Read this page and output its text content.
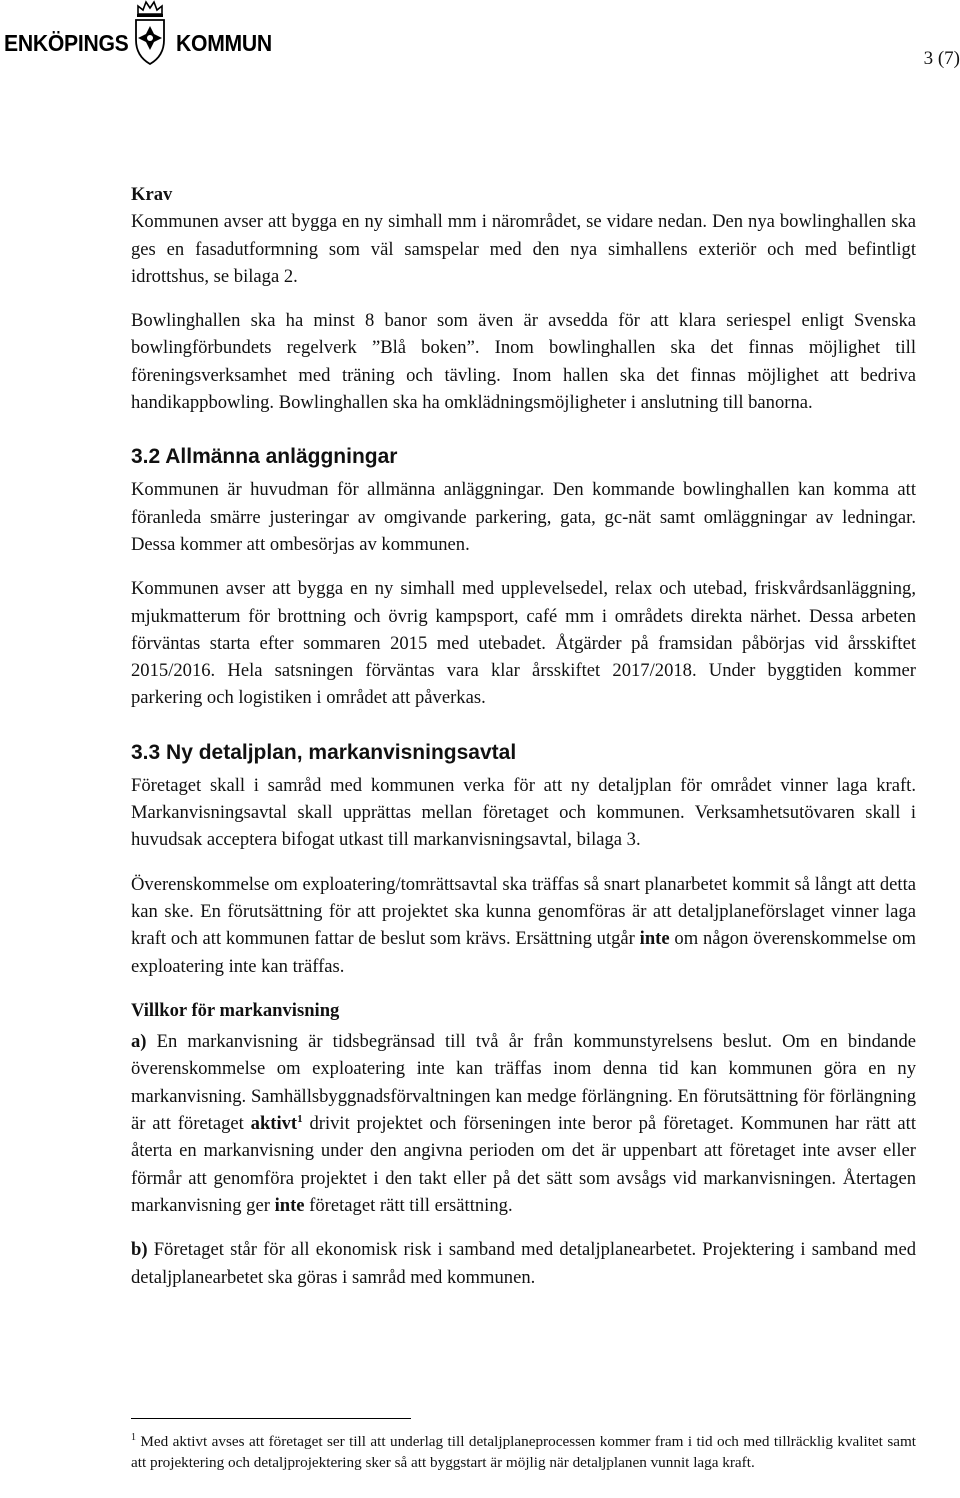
ENKÖPINGS KOMMUN
3 (7)
Krav

Kommunen avser att bygga en ny simhall mm i närområdet, se vidare nedan. Den nya bowlinghallen ska ges en fasadutformning som väl samspelar med den nya simhallens exteriör och med befintligt idrottshus, se bilaga 2.

Bowlinghallen ska ha minst 8 banor som även är avsedda för att klara seriespel enligt Svenska bowlingförbundets regelverk ”Blå boken”. Inom bowlinghallen ska det finnas möjlighet till föreningsverksamhet med träning och tävling. Inom hallen ska det finnas möjlighet att bedriva handikappbowling. Bowlinghallen ska ha omklädningsmöjligheter i anslutning till banorna.

3.2 Allmänna anläggningar

Kommunen är huvudman för allmänna anläggningar. Den kommande bowlinghallen kan komma att föranleda smärre justeringar av omgivande parkering, gata, gc-nät samt omläggningar av ledningar. Dessa kommer att ombesörjas av kommunen.

Kommunen avser att bygga en ny simhall med upplevelsedel, relax och utebad, friskvårdsanläggning, mjukmatterum för brottning och övrig kampsport, café mm i områdets direkta närhet. Dessa arbeten förväntas starta efter sommaren 2015 med utebadet. Åtgärder på framsidan påbörjas vid årsskiftet 2015/2016. Hela satsningen förväntas vara klar årsskiftet 2017/2018. Under byggtiden kommer parkering och logistiken i området att påverkas.

3.3 Ny detaljplan, markanvisningsavtal

Företaget skall i samråd med kommunen verka för att ny detaljplan för området vinner laga kraft. Markanvisningsavtal skall upprättas mellan företaget och kommunen. Verksamhetsutövaren skall i huvudsak acceptera bifogat utkast till markanvisningsavtal, bilaga 3.

Överenskommelse om exploatering/tomrättsavtal ska träffas så snart planarbetet kommit så långt att detta kan ske. En förutsättning för att projektet ska kunna genomföras är att detaljplaneförslaget vinner laga kraft och att kommunen fattar de beslut som krävs. Ersättning utgår inte om någon överenskommelse om exploatering inte kan träffas.

Villkor för markanvisning

a) En markanvisning är tidsbegränsad till två år från kommunstyrelsens beslut. Om en bindande överenskommelse om exploatering inte kan träffas inom denna tid kan kommunen göra en ny markanvisning. Samhällsbyggnadsförvaltningen kan medge förlängning. En förutsättning för förlängning är att företaget aktivt$^1$ drivit projektet och förseningen inte beror på företaget. Kommunen har rätt att återta en markanvisning under den angivna perioden om det är uppenbart att företaget inte avser eller förmår att genomföra projektet i den takt eller på det sätt som avsågs vid markanvisningen. Återtagen markanvisning ger inte företaget rätt till ersättning.

b) Företaget står för all ekonomisk risk i samband med detaljplanearbetet. Projektering i samband med detaljplanearbetet ska göras i samråd med kommunen.

$^1$ Med aktivt avses att företaget ser till att underlag till detaljplaneprocessen kommer fram i tid och med tillräcklig kvalitet samt att projektering och detaljprojektering sker så att byggstart är möjlig när detaljplanen vunnit laga kraft.
